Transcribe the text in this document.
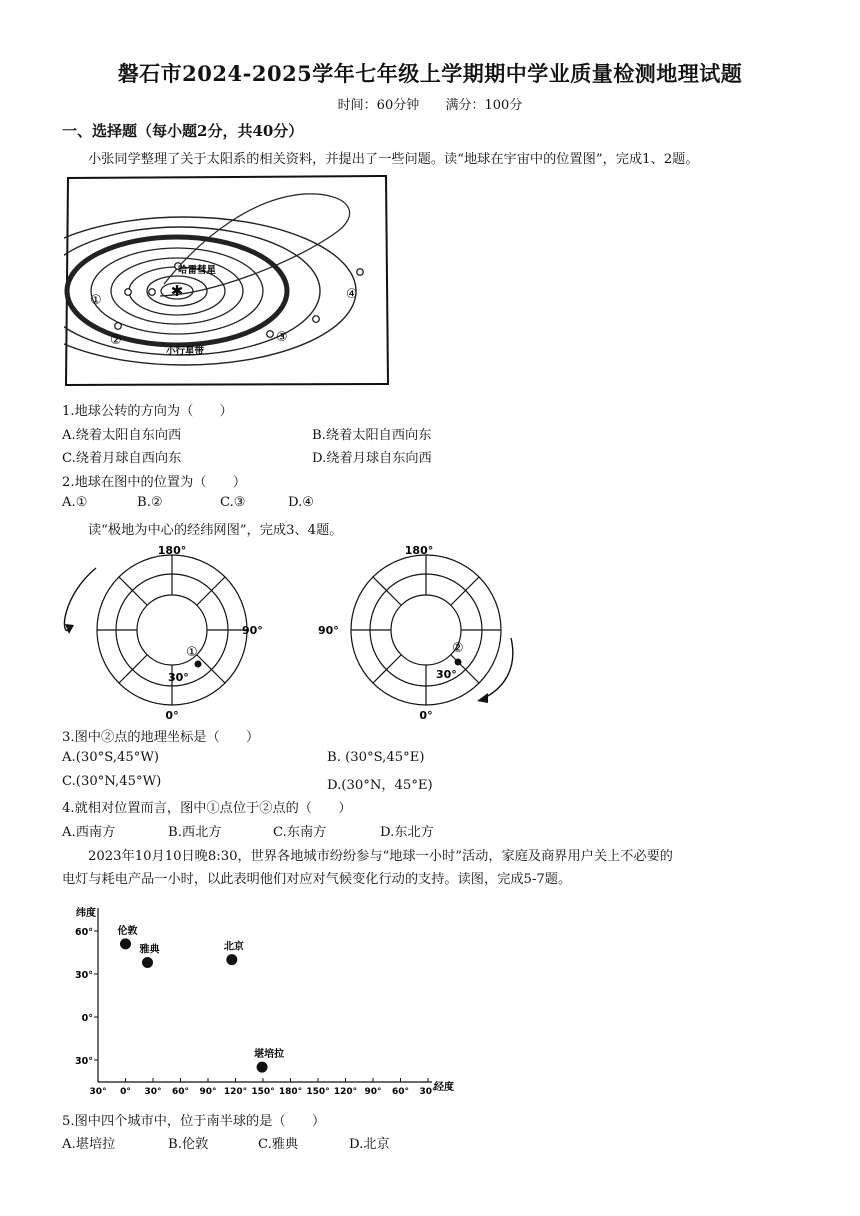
磐石市2024-2025学年七年级上学期期中学业质量检测地理试题
时间：60分钟 满分：100分
一、选择题（每小题2分，共40分）
小张同学整理了关于太阳系的相关资料，并提出了一些问题。读“地球在宇宙中的位置图”，完成1、2题。
✱
哈雷彗星
小行星带
①
②	③
④
1.地球公转的方向为（　　）
A.绕着太阳自东向西	B.绕着太阳自西向东
C.绕着月球自西向东	D.绕着月球自东向西
2.地球在图中的位置为（　　）
A.①	B.②	C.③	D.④
读“极地为中心的经纬网图”，完成3、4题。
180°
90°
0°
30°
①
180°
90°
0°
30°
②
3.图中②点的地理坐标是（　　）
A.(30°S,45°W)	B. (30°S,45°E)
C.(30°N,45°W)	D.(30°N，45°E)
4.就相对位置而言，图中①点位于②点的（　　）
A.西南方	B.西北方	C.东南方	D.东北方
2023年10月10日晚8:30，世界各地城市纷纷参与“地球一小时”活动，家庭及商界用户关上不必要的
电灯与耗电产品一小时，以此表明他们对应对气候变化行动的支持。读图，完成5-7题。
纬度
经度
60°
30°
0°
30°
30° 0° 30° 60° 90° 120° 150° 180° 150° 120° 90° 60° 30°
伦敦
雅典	北京
堪培拉
5.图中四个城市中，位于南半球的是（　　）
A.堪培拉	B.伦敦	C.雅典	D.北京
